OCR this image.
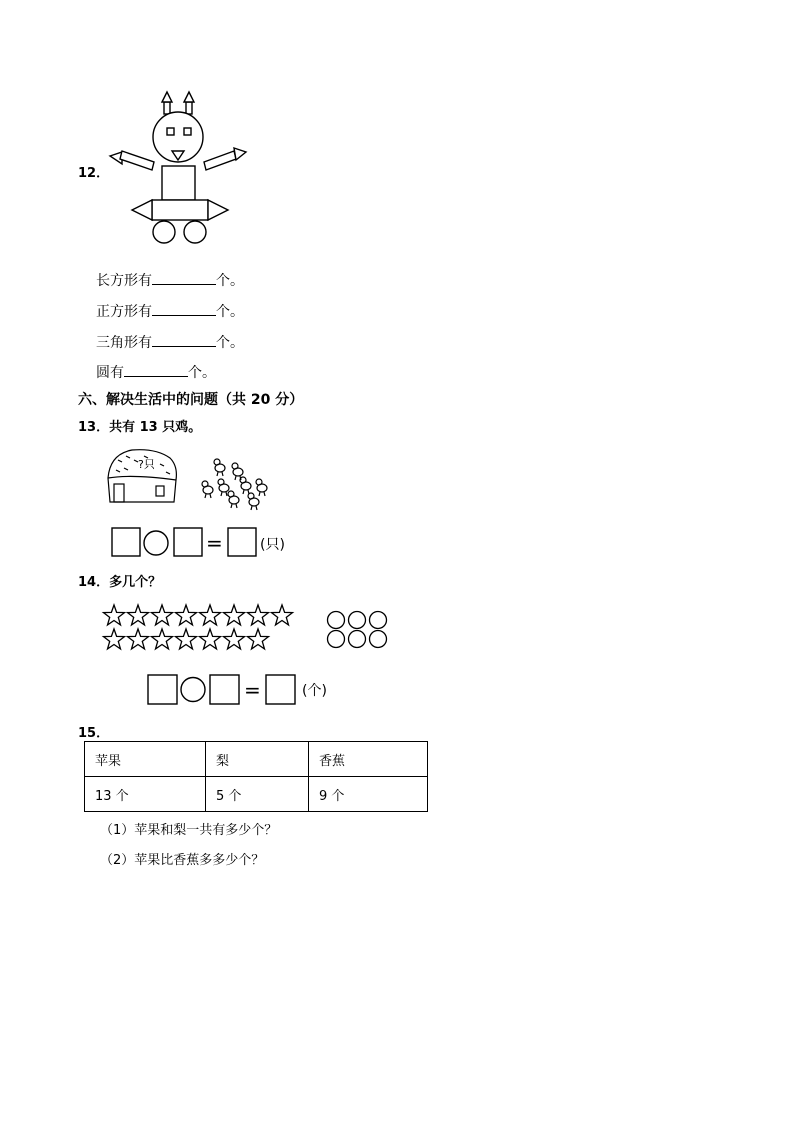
12．
长方形有	个。
正方形有	个。
三角形有	个。
圆有	个。
六、解决生活中的问题（共 20 分）
13．共有 13 只鸡。
?只
=	(只)
14．多几个？
=	(个)
15．
苹果	梨	香蕉
13 个	5 个	9 个
（1）苹果和梨一共有多少个？
（2）苹果比香蕉多多少个？
